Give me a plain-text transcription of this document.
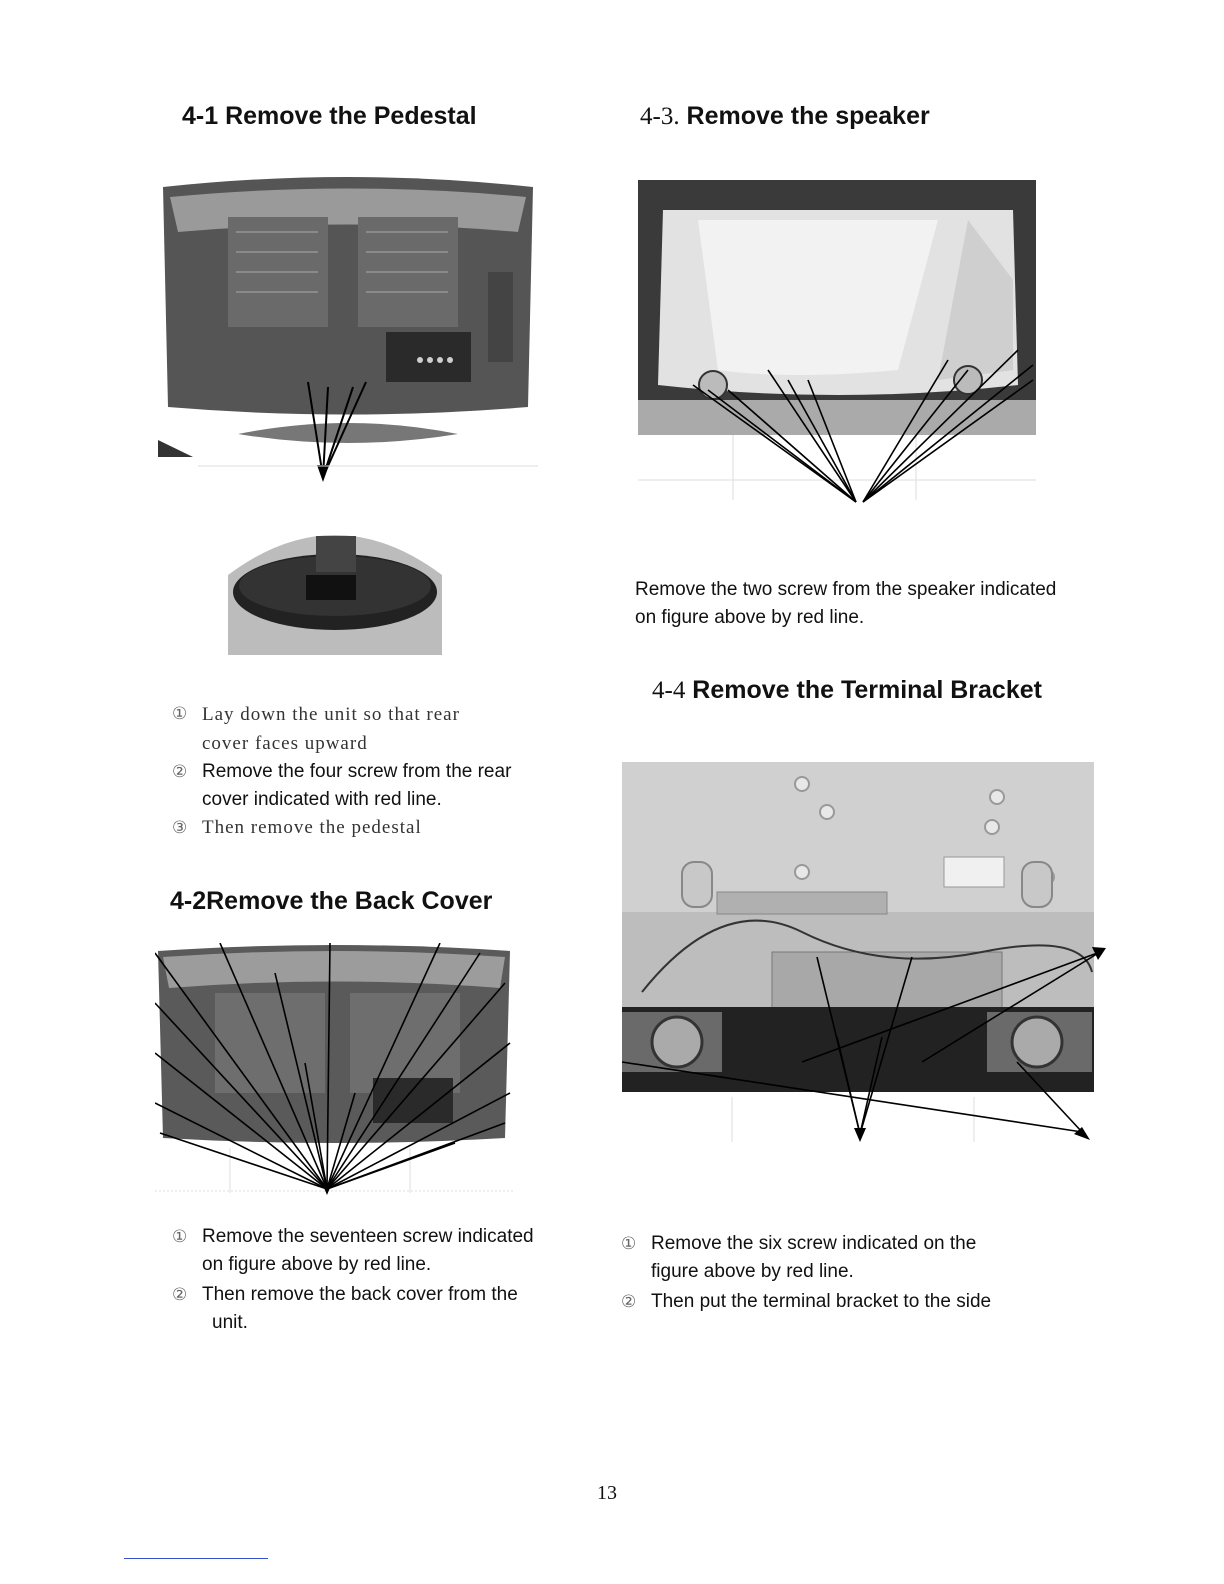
4-1 Remove the Pedestal
① Lay down the unit so that rear
cover faces upward
② Remove the four screw from the rear
cover indicated with red line.
③ Then remove the pedestal
4-2Remove the Back Cover
① Remove the seventeen screw indicated
on figure above by red line.
② Then remove the back cover from the
unit.
4-3. Remove the speaker
Remove the two screw from the speaker indicated
on figure above by red line.
4-4 Remove the Terminal Bracket
① Remove the six screw indicated on the
figure above by red line.
② Then put the terminal bracket to the side
13
